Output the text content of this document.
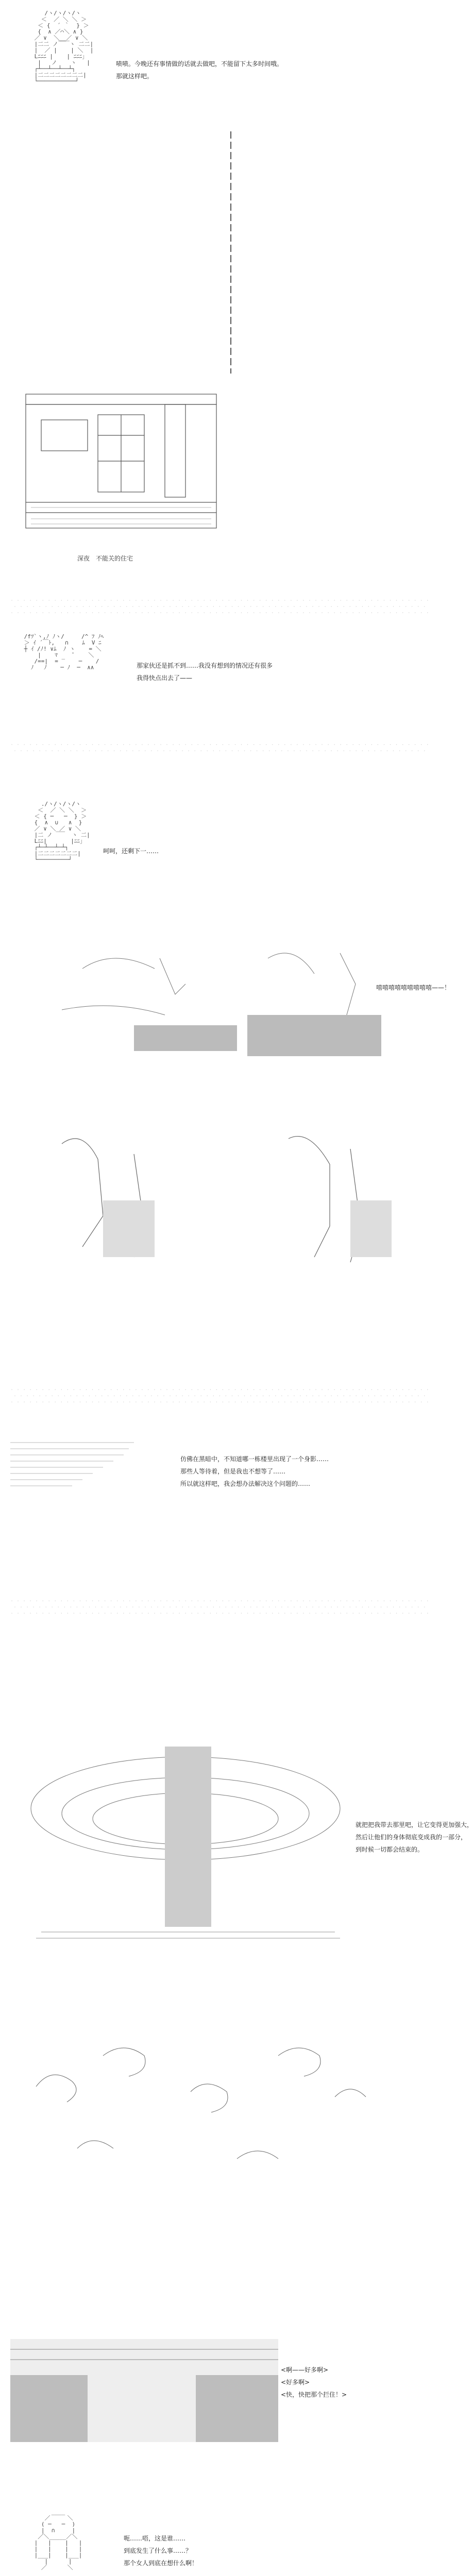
. . . . . . . . . . . . . . . . . . . . . . . . . . . . . . . . . . . . . . . . . . . . . . . . . . . . . . . . . . . . . . . . . . . .
. . . . . . . . . . . . . . . . . . . . . . . . . . . . . . . . . . . . . . . . . . . . . . . . . . . . . . . . . . . . . . . . . . .
. . . . . . . . . . . . . . . . . . . . . . . . . . . . . . . . . . . . . . . . . . . . . . . . . . . . . . . . . . . . . . . . . . . .
. . . . . . . . . . . . . . . . . . . . . . . . . . . . . . . . . . . . . . . . . . . . . . . . . . . . . . . . . . . . . . . . . . . .
. . . . . . . . . . . . . . . . . . . . . . . . . . . . . . . . . . . . . . . . . . . . . . . . . . . . . . . . . . . . . . . . . . .
. . . . . . . . . . . . . . . . . . . . . . . . . . . . . . . . . . . . . . . . . . . . . . . . . . . . . . . . . . . . . . . . . . . .
. . . . . . . . . . . . . . . . . . . . . . . . . . . . . . . . . . . . . . . . . . . . . . . . . . . . . . . . . . . . . . . . . . .
. . . . . . . . . . . . . . . . . . . . . . . . . . . . . . . . . . . . . . . . . . . . . . . . . . . . . . . . . . . . . . . . . . . .
. . . . . . . . . . . . . . . . . . . . . . . . . . . . . . . . . . . . . . . . . . . . . . . . . . . . . . . . . . . . . . . . . . . .
. . . . . . . . . . . . . . . . . . . . . . . . . . . . . . . . . . . . . . . . . . . . . . . . . . . . . . . . . . . . . . . . . . .
. . . . . . . . . . . . . . . . . . . . . . . . . . . . . . . . . . . . . . . . . . . . . . . . . . . . . . . . . . . . . . . . . . . .
/ヽ/ヽ/ヽ/ヽ
＜  ／ ＼ ＼ ＞
＜ {  ´ ｀  } ＞
{  ∧ ／⌒＼ ∧ }
／ ∨  ＼__／ ∨ ＼
|二二 ノ￣￣ヽ 二二|
|  ／ |    | ＼  |
Lﾆﾆﾆ |    | ﾆﾆﾆ」
|   ノ    ヽ   |
┌┴──┴──┴──┴┐
|二二二二二二二二|
└───────────┘
啧啧。今晚还有事情做的话就去做吧，不能留下太多时间哦。
那就这样吧。
深夜　不能关的住宅
/fﾂ`ヽ,ﾉ ﾉヽ/     /^ ﾌ ﾉﾍ
＞ ｲ ´￣ﾄ,   ∩    ﾑ  V ﾆ
┼ ｲ /ﾉ! ∨ﾑ  ﾉ ヽ    = ＼
|    ﾏ    ̄     ＼
/==|  = ‾    ─    /
ﾉ   ﾉ    ─ ﾉ  ─  ∧∧	那家伙还是抓不到……我没有想到的情况还有很多
我得快点出去了——
./ヽ/ヽ/ヽ/ヽ
＜  ／ ＼ ＼  ＞
＜ { ─   ─  } ＞
{  ∧  ∪   ∧  }
／ ∨ ＼_／ ∨ ＼
|二 ノ  ￣  ヽ 二|
Lﾆﾆ|       |ﾆﾆ」
┌┴─┴──┴─┴┐
|二二二二二二二|
└─────────┘
呵呵，还剩下一……
嘻嘻嘻嘻嘻嘻嘻嘻嘻——！
仿佛在黑暗中，不知道哪一栋楼里出现了一个身影……
那些人等待着，但是我也不想等了……
所以就这样吧，我会想办法解决这个问题的……
就把把我带去那里吧，让它变得更加强大，
然后让他们的身体彻底变成我的一部分，
到时候一切都会结束的。
<啊——好多啊>
<好多啊>
<快，快把那个拦住！>
____
／     ＼
( ─   ─  )
|  ∩     |
／＼_____／＼
|   |    |   |
|   |    |   |
|___|    |___|
|      |
／      ＼
呃……唔，这是谁……
到底发生了什么事……？
那个女人到底在想什么啊！
